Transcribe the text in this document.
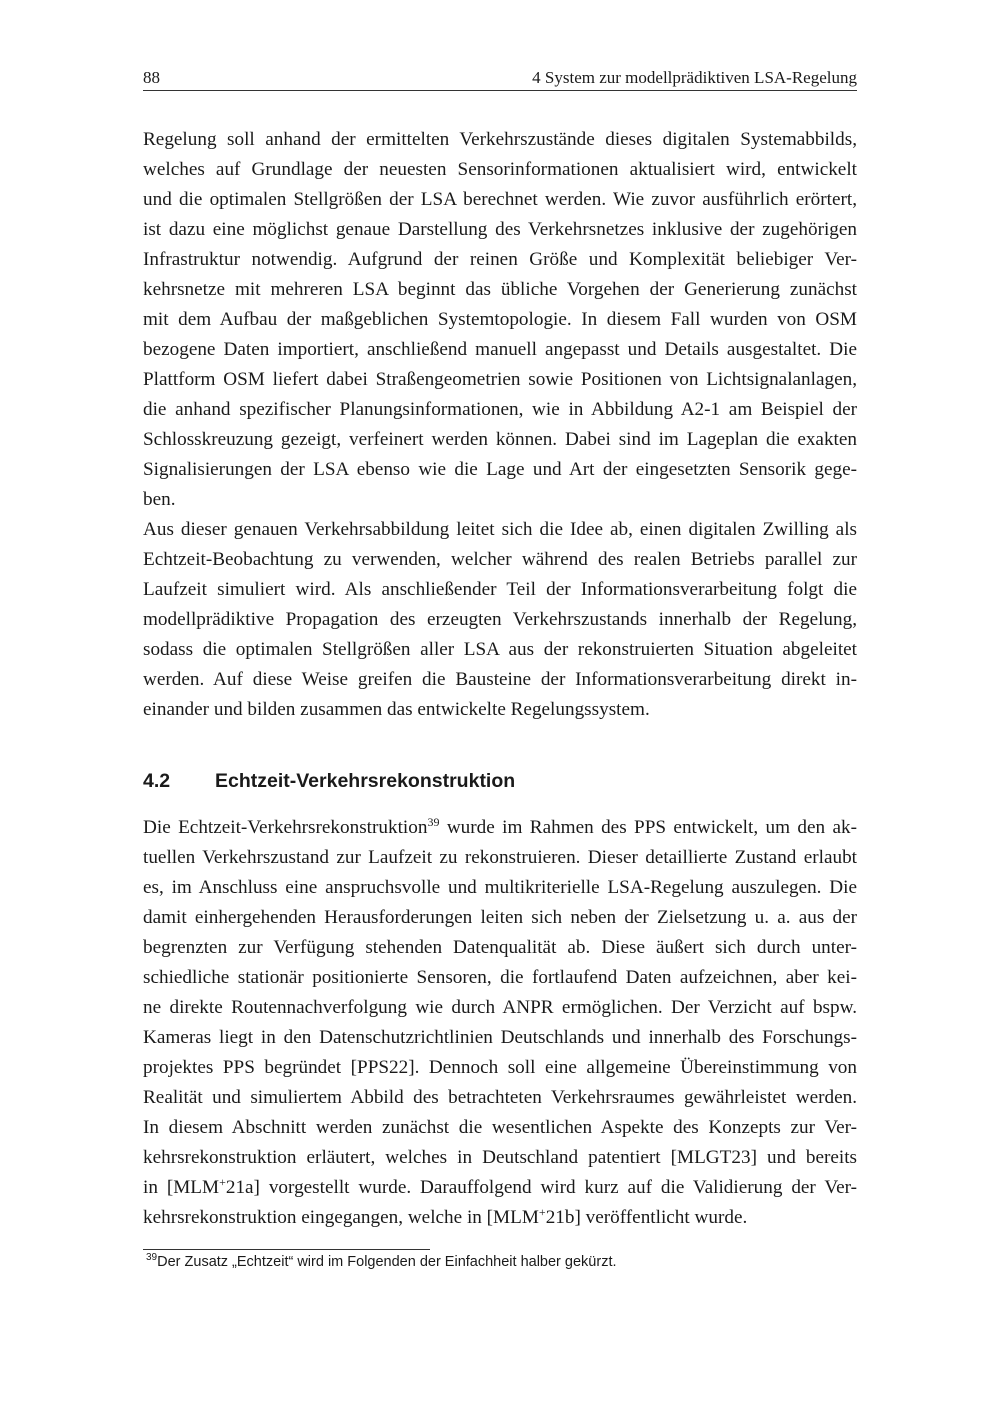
88	4 System zur modellprädiktiven LSA-Regelung
Regelung soll anhand der ermittelten Verkehrszustände dieses digitalen Systemabbilds,
welches auf Grundlage der neuesten Sensorinformationen aktualisiert wird, entwickelt
und die optimalen Stellgrößen der LSA berechnet werden. Wie zuvor ausführlich erörtert,
ist dazu eine möglichst genaue Darstellung des Verkehrsnetzes inklusive der zugehörigen
Infrastruktur notwendig. Aufgrund der reinen Größe und Komplexität beliebiger Ver-
kehrsnetze mit mehreren LSA beginnt das übliche Vorgehen der Generierung zunächst
mit dem Aufbau der maßgeblichen Systemtopologie. In diesem Fall wurden von OSM
bezogene Daten importiert, anschließend manuell angepasst und Details ausgestaltet. Die
Plattform OSM liefert dabei Straßengeometrien sowie Positionen von Lichtsignalanlagen,
die anhand spezifischer Planungsinformationen, wie in Abbildung A2-1 am Beispiel der
Schlosskreuzung gezeigt, verfeinert werden können. Dabei sind im Lageplan die exakten
Signalisierungen der LSA ebenso wie die Lage und Art der eingesetzten Sensorik gege-
ben.
Aus dieser genauen Verkehrsabbildung leitet sich die Idee ab, einen digitalen Zwilling als
Echtzeit-Beobachtung zu verwenden, welcher während des realen Betriebs parallel zur
Laufzeit simuliert wird. Als anschließender Teil der Informationsverarbeitung folgt die
modellprädiktive Propagation des erzeugten Verkehrszustands innerhalb der Regelung,
sodass die optimalen Stellgrößen aller LSA aus der rekonstruierten Situation abgeleitet
werden. Auf diese Weise greifen die Bausteine der Informationsverarbeitung direkt in-
einander und bilden zusammen das entwickelte Regelungssystem.
4.2 Echtzeit-Verkehrsrekonstruktion
Die Echtzeit-Verkehrsrekonstruktion$^{39}$ wurde im Rahmen des PPS entwickelt, um den ak-
tuellen Verkehrszustand zur Laufzeit zu rekonstruieren. Dieser detaillierte Zustand erlaubt
es, im Anschluss eine anspruchsvolle und multikriterielle LSA-Regelung auszulegen. Die
damit einhergehenden Herausforderungen leiten sich neben der Zielsetzung u. a. aus der
begrenzten zur Verfügung stehenden Datenqualität ab. Diese äußert sich durch unter-
schiedliche stationär positionierte Sensoren, die fortlaufend Daten aufzeichnen, aber kei-
ne direkte Routennachverfolgung wie durch ANPR ermöglichen. Der Verzicht auf bspw.
Kameras liegt in den Datenschutzrichtlinien Deutschlands und innerhalb des Forschungs-
projektes PPS begründet [PPS22]. Dennoch soll eine allgemeine Übereinstimmung von
Realität und simuliertem Abbild des betrachteten Verkehrsraumes gewährleistet werden.
In diesem Abschnitt werden zunächst die wesentlichen Aspekte des Konzepts zur Ver-
kehrsrekonstruktion erläutert, welches in Deutschland patentiert [MLGT23] und bereits
in [MLM+21a] vorgestellt wurde. Darauffolgend wird kurz auf die Validierung der Ver-
kehrsrekonstruktion eingegangen, welche in [MLM+21b] veröffentlicht wurde.
$^{39}$Der Zusatz „Echtzeit“ wird im Folgenden der Einfachheit halber gekürzt.
